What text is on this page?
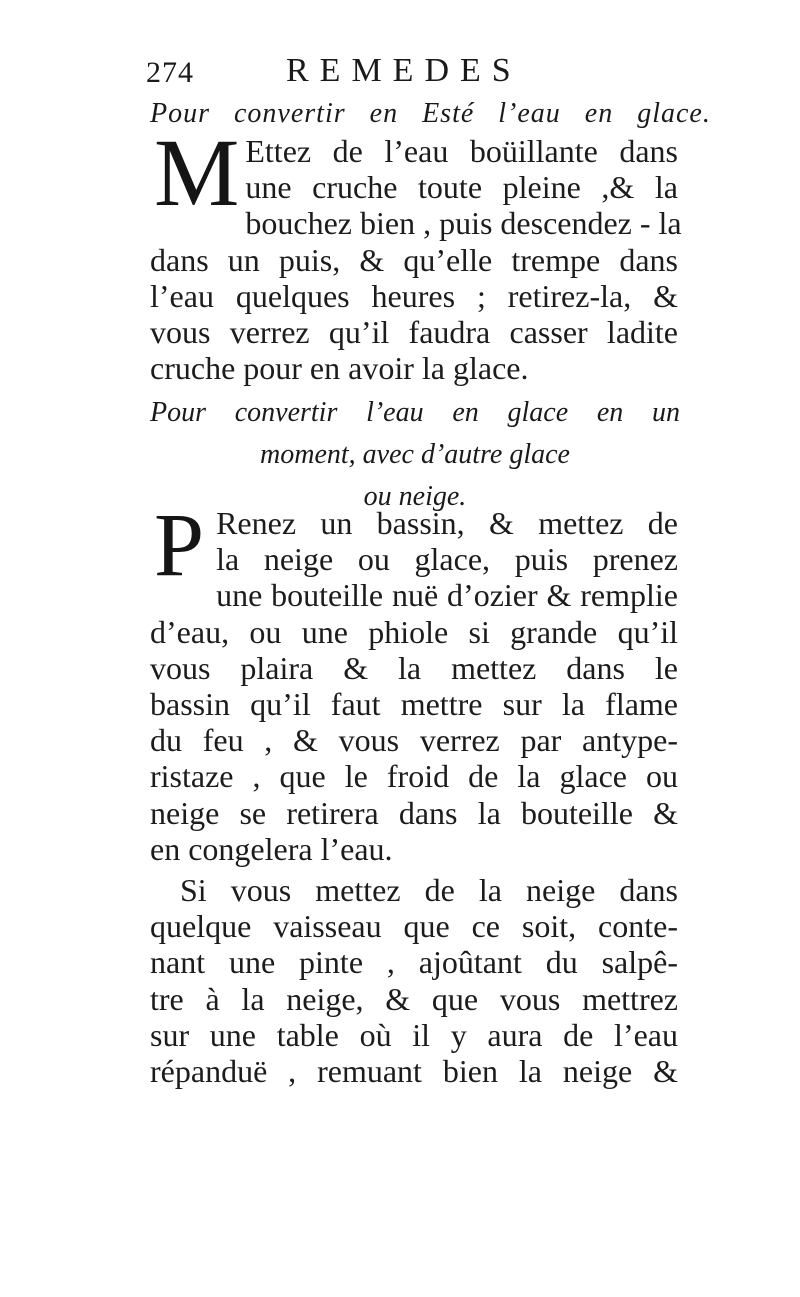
274	REMEDES
Pour convertir en Esté l’eau en glace.
M Ettez de l’eau boüillante dans
une cruche toute pleine ,& la
bouchez bien , puis descendez - la
dans un puis, & qu’elle trempe dans
l’eau quelques heures ; retirez-la, &
vous verrez qu’il faudra casser ladite
cruche pour en avoir la glace.
Pour convertir l’eau en glace en un
moment, avec d’autre glace
ou neige.
P Renez un bassin, & mettez de
la neige ou glace, puis prenez
une bouteille nuë d’ozier & remplie
d’eau, ou une phiole si grande qu’il
vous plaira & la mettez dans le
bassin qu’il faut mettre sur la flame
du feu , & vous verrez par antype-
ristaze , que le froid de la glace ou
neige se retirera dans la bouteille &
en congelera l’eau.
Si vous mettez de la neige dans
quelque vaisseau que ce soit, conte-
nant une pinte , ajoûtant du salpê-
tre à la neige, & que vous mettrez
sur une table où il y aura de l’eau
répanduë , remuant bien la neige &
